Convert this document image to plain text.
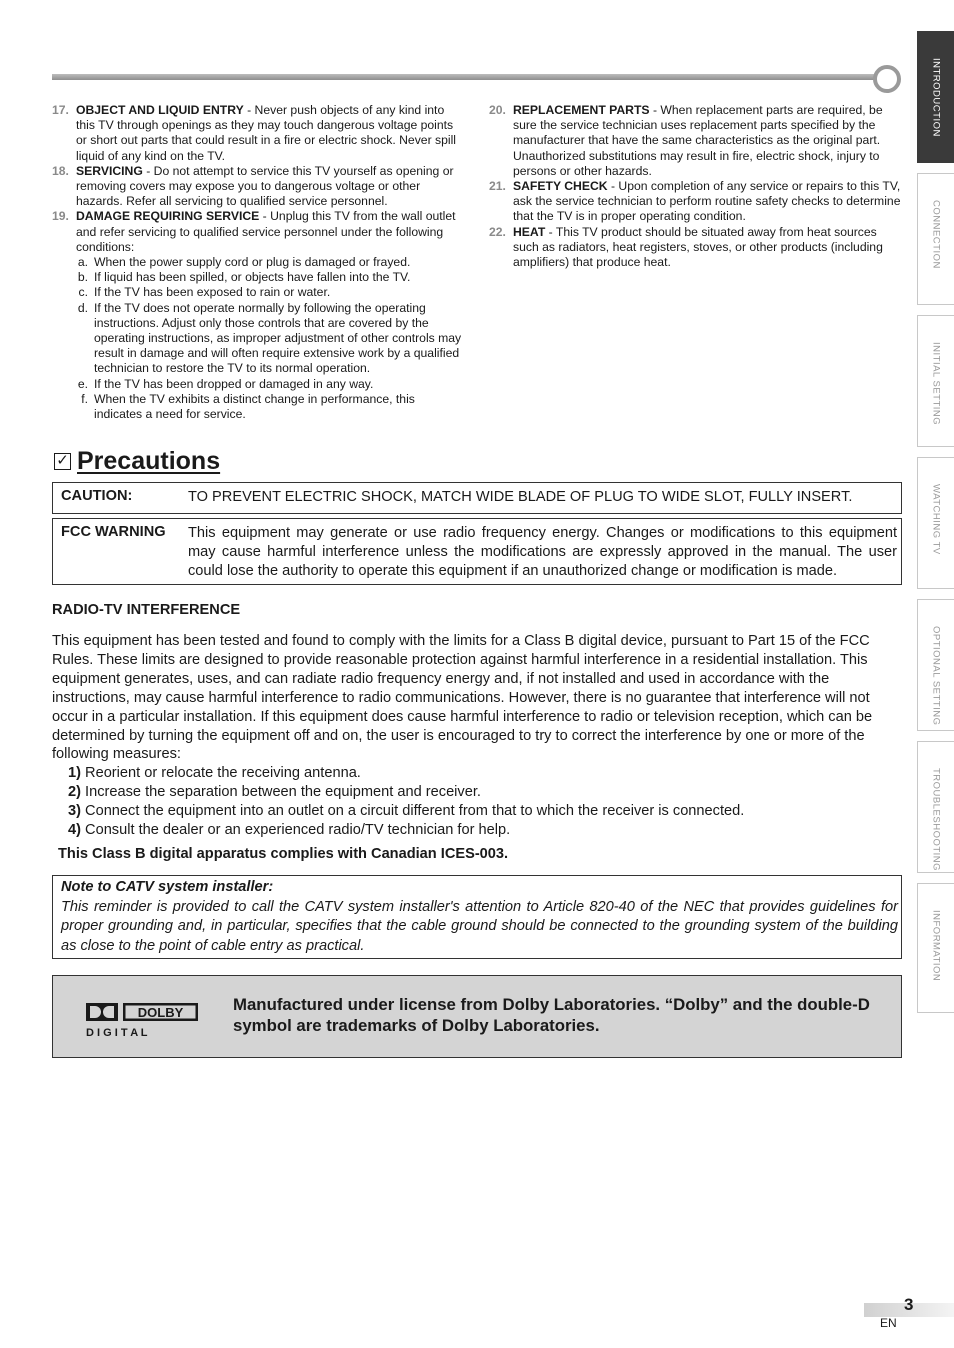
INTRODUCTION
CONNECTION
INITIAL SETTING
WATCHING TV
OPTIONAL SETTING
TROUBLESHOOTING
INFORMATION
17. OBJECT AND LIQUID ENTRY - Never push objects of any kind into this TV through openings as they may touch dangerous voltage points or short out parts that could result in a fire or electric shock. Never spill liquid of any kind on the TV.
18. SERVICING - Do not attempt to service this TV yourself as opening or removing covers may expose you to dangerous voltage or other hazards. Refer all servicing to qualified service personnel.
19. DAMAGE REQUIRING SERVICE - Unplug this TV from the wall outlet and refer servicing to qualified service personnel under the following conditions:
a. When the power supply cord or plug is damaged or frayed.
b. If liquid has been spilled, or objects have fallen into the TV.
c. If the TV has been exposed to rain or water.
d. If the TV does not operate normally by following the operating instructions. Adjust only those controls that are covered by the operating instructions, as improper adjustment of other controls may result in damage and will often require extensive work by a qualified technician to restore the TV to its normal operation.
e. If the TV has been dropped or damaged in any way.
f. When the TV exhibits a distinct change in performance, this indicates a need for service.
20. REPLACEMENT PARTS - When replacement parts are required, be sure the service technician uses replacement parts specified by the manufacturer that have the same characteristics as the original part. Unauthorized substitutions may result in fire, electric shock, injury to persons or other hazards.
21. SAFETY CHECK - Upon completion of any service or repairs to this TV, ask the service technician to perform routine safety checks to determine that the TV is in proper operating condition.
22. HEAT - This TV product should be situated away from heat sources such as radiators, heat registers, stoves, or other products (including amplifiers) that produce heat.
✓ Precautions
CAUTION:	TO PREVENT ELECTRIC SHOCK, MATCH WIDE BLADE OF PLUG TO WIDE SLOT, FULLY INSERT.
FCC WARNING This equipment may generate or use radio frequency energy. Changes or modifications to this equipment may cause harmful interference unless the modifications are expressly approved in the manual. The user could lose the authority to operate this equipment if an unauthorized change or modification is made.
RADIO-TV INTERFERENCE
This equipment has been tested and found to comply with the limits for a Class B digital device, pursuant to Part 15 of the FCC Rules. These limits are designed to provide reasonable protection against harmful interference in a residential installation. This equipment generates, uses, and can radiate radio frequency energy and, if not installed and used in accordance with the instructions, may cause harmful interference to radio communications. However, there is no guarantee that interference will not occur in a particular installation. If this equipment does cause harmful interference to radio or television reception, which can be determined by turning the equipment off and on, the user is encouraged to try to correct the interference by one or more of the following measures:
1) Reorient or relocate the receiving antenna.
2) Increase the separation between the equipment and receiver.
3) Connect the equipment into an outlet on a circuit different from that to which the receiver is connected.
4) Consult the dealer or an experienced radio/TV technician for help.
This Class B digital apparatus complies with Canadian ICES-003.
Note to CATV system installer:
This reminder is provided to call the CATV system installer's attention to Article 820-40 of the NEC that provides guidelines for proper grounding and, in particular, specifies that the cable ground should be connected to the grounding system of the building as close to the point of cable entry as practical.
DOLBY
D I G I T A L
Manufactured under license from Dolby Laboratories. “Dolby” and the double-D symbol are trademarks of Dolby Laboratories.
3
EN
